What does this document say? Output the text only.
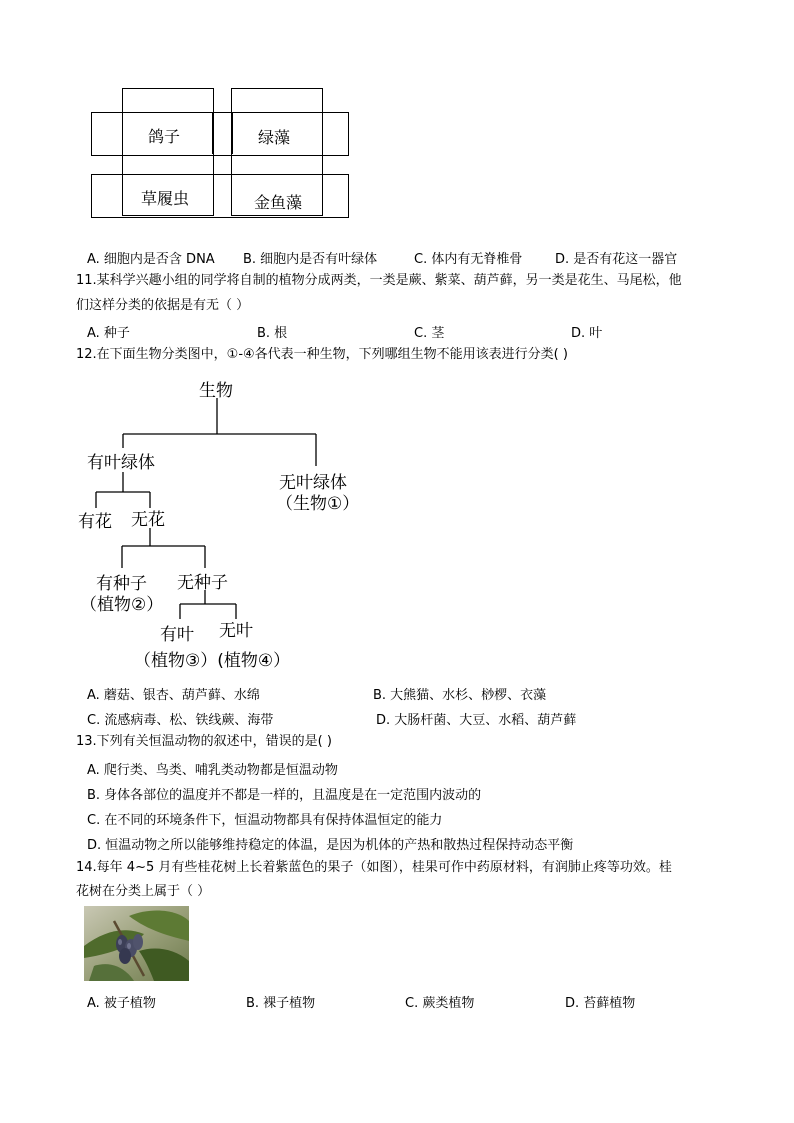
鸽子	绿藻
草履虫	金鱼藻
A. 细胞内是否含 DNA B. 细胞内是否有叶绿体	C. 体内有无脊椎骨	D. 是否有花这一器官
11.某科学兴趣小组的同学将自制的植物分成两类，一类是蕨、紫菜、葫芦藓，另一类是花生、马尾松，他
们这样分类的依据是有无（ ）
A. 种子	B. 根	C. 茎	D. 叶
12.在下面生物分类图中，①-④各代表一种生物，下列哪组生物不能用该表进行分类( )
生物
有叶绿体
无叶绿体
（生物①）
有花 无花
有种子
（植物②）
无种子
有叶 无叶
（植物③）(植物④）
A. 蘑菇、银杏、葫芦藓、水绵	B. 大熊猫、水杉、桫椤、衣藻
C. 流感病毒、松、铁线蕨、海带	D. 大肠杆菌、大豆、水稻、葫芦藓
13.下列有关恒温动物的叙述中，错误的是( )
A. 爬行类、鸟类、哺乳类动物都是恒温动物
B. 身体各部位的温度并不都是一样的，且温度是在一定范围内波动的
C. 在不同的环境条件下，恒温动物都具有保持体温恒定的能力
D. 恒温动物之所以能够维持稳定的体温，是因为机体的产热和散热过程保持动态平衡
14.每年 4~5 月有些桂花树上长着紫蓝色的果子（如图），桂果可作中药原材料，有润肺止疼等功效。桂
花树在分类上属于（ ）
A. 被子植物	B. 裸子植物	C. 蕨类植物	D. 苔藓植物
